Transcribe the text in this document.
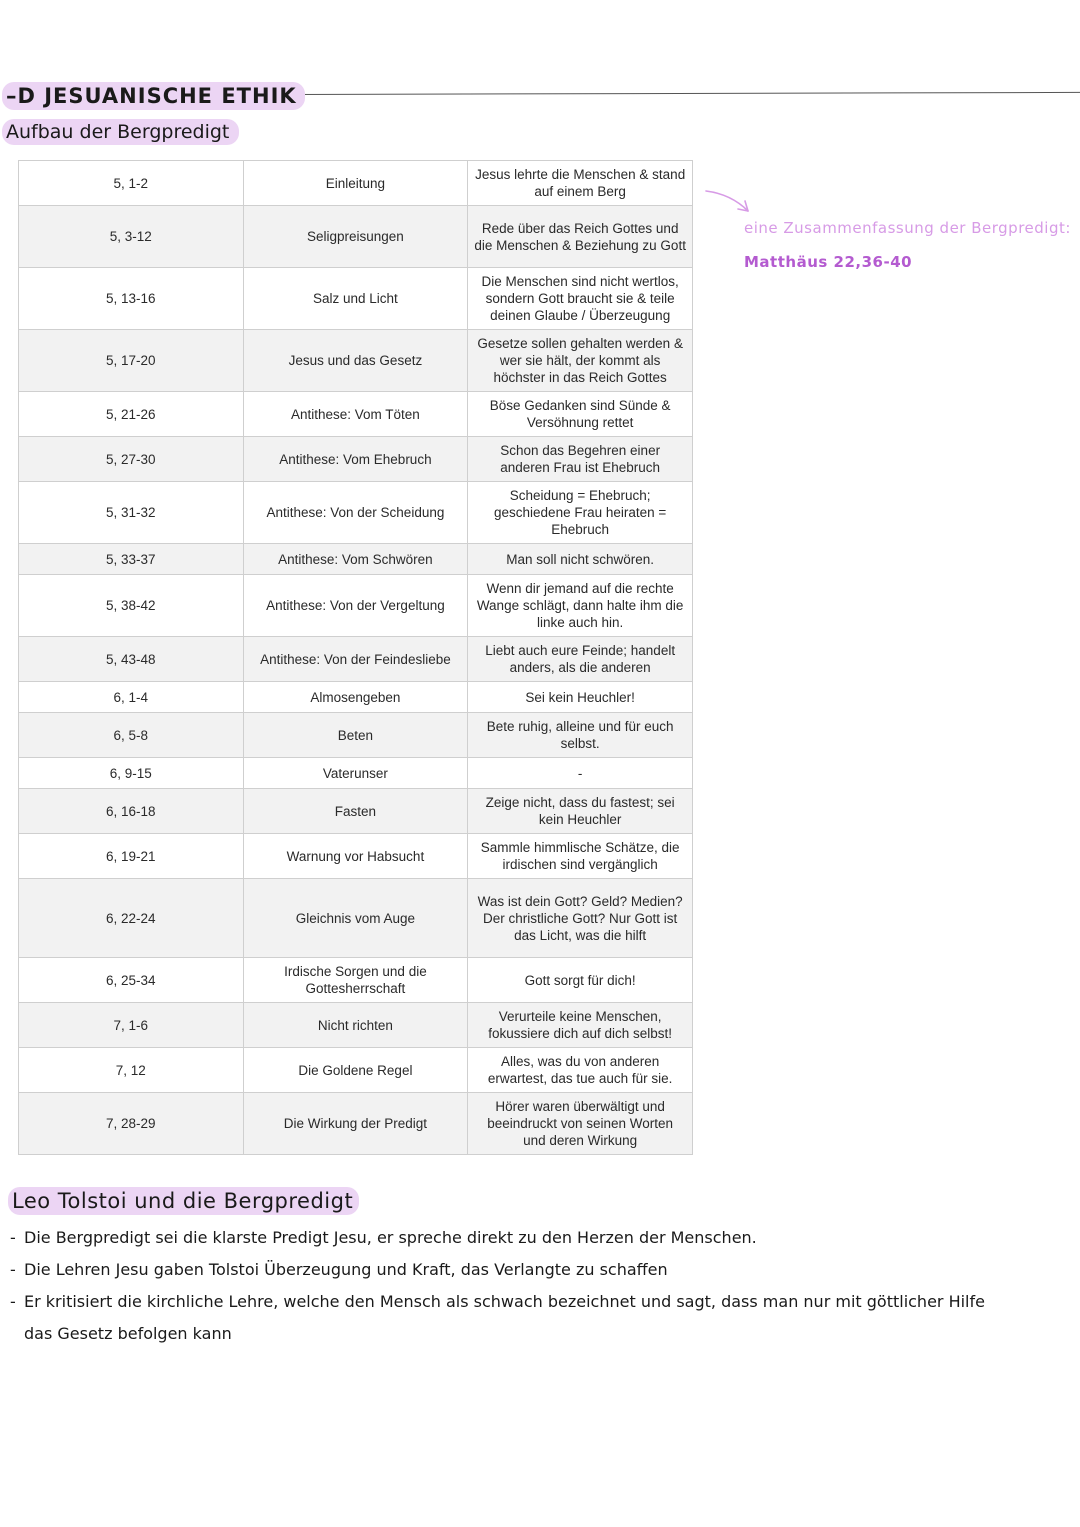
–D JESUANISCHE ETHIK
Aufbau der Bergpredigt
5, 1-2	Einleitung	Jesus lehrte die Menschen & stand auf einem Berg
5, 3-12	Seligpreisungen	Rede über das Reich Gottes und die Menschen & Beziehung zu Gott
5, 13-16	Salz und Licht	Die Menschen sind nicht wertlos, sondern Gott braucht sie & teile deinen Glaube / Überzeugung
5, 17-20	Jesus und das Gesetz	Gesetze sollen gehalten werden & wer sie hält, der kommt als höchster in das Reich Gottes
5, 21-26	Antithese: Vom Töten	Böse Gedanken sind Sünde & Versöhnung rettet
5, 27-30	Antithese: Vom Ehebruch	Schon das Begehren einer anderen Frau ist Ehebruch
5, 31-32	Antithese: Von der Scheidung	Scheidung = Ehebruch; geschiedene Frau heiraten = Ehebruch
5, 33-37	Antithese: Vom Schwören	Man soll nicht schwören.
5, 38-42	Antithese: Von der Vergeltung	Wenn dir jemand auf die rechte Wange schlägt, dann halte ihm die linke auch hin.
5, 43-48	Antithese: Von der Feindesliebe	Liebt auch eure Feinde; handelt anders, als die anderen
6, 1-4	Almosengeben	Sei kein Heuchler!
6, 5-8	Beten	Bete ruhig, alleine und für euch selbst.
6, 9-15	Vaterunser	-
6, 16-18	Fasten	Zeige nicht, dass du fastest; sei kein Heuchler
6, 19-21	Warnung vor Habsucht	Sammle himmlische Schätze, die irdischen sind vergänglich
6, 22-24	Gleichnis vom Auge	Was ist dein Gott? Geld? Medien? Der christliche Gott? Nur Gott ist das Licht, was die hilft
6, 25-34	Irdische Sorgen und die Gottesherrschaft	Gott sorgt für dich!
7, 1-6	Nicht richten	Verurteile keine Menschen, fokussiere dich auf dich selbst!
7, 12	Die Goldene Regel	Alles, was du von anderen erwartest, das tue auch für sie.
7, 28-29	Die Wirkung der Predigt	Hörer waren überwältigt und beeindruckt von seinen Worten und deren Wirkung
eine Zusammenfassung der Bergpredigt:
Matthäus 22,36-40
Leo Tolstoi und die Bergpredigt
- Die Bergpredigt sei die klarste Predigt Jesu, er spreche direkt zu den Herzen der Menschen.
- Die Lehren Jesu gaben Tolstoi Überzeugung und Kraft, das Verlangte zu schaffen
- Er kritisiert die kirchliche Lehre, welche den Mensch als schwach bezeichnet und sagt, dass man nur mit göttlicher Hilfe
das Gesetz befolgen kann
